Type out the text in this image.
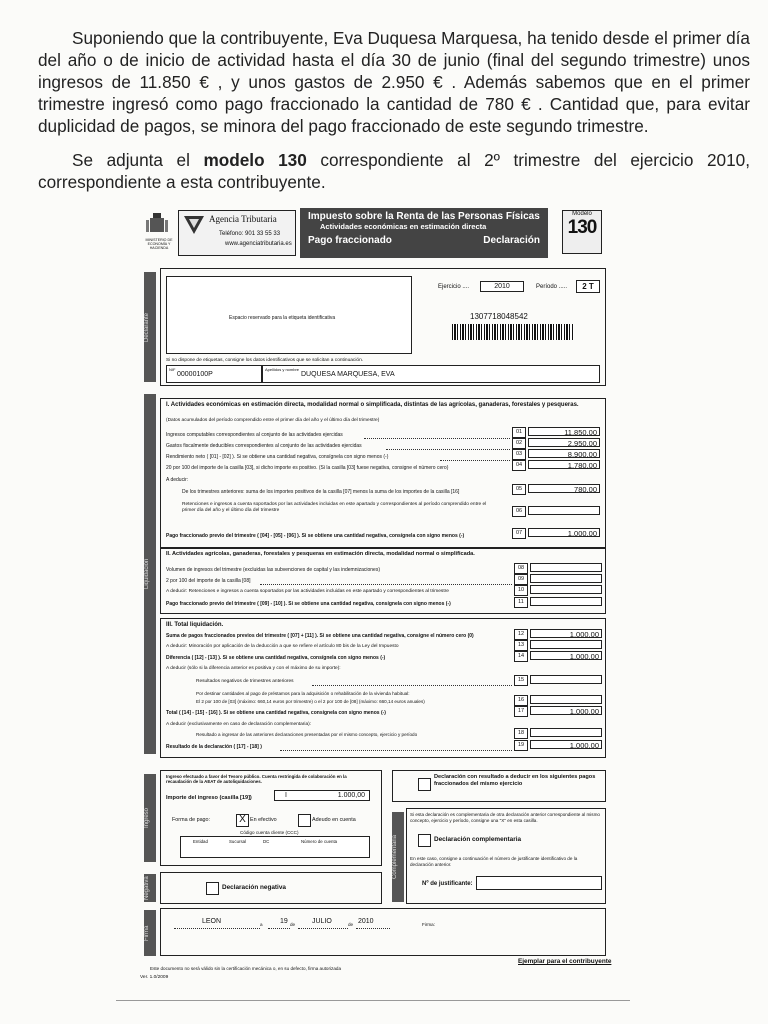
Suponiendo que la contribuyente, Eva Duquesa Marquesa, ha tenido desde el primer día del año o de inicio de actividad hasta el día 30 de junio (final del segundo trimestre) unos ingresos de 11.850 € , y unos gastos de 2.950 € . Además sabemos que en el primer trimestre ingresó como pago fraccionado la cantidad de 780 € . Cantidad que, para evitar duplicidad de pagos, se minora del pago fraccionado de este segundo trimestre.

Se adjunta el modelo 130 correspondiente al 2º trimestre del ejercicio 2010, correspondiente a esta contribuyente.

MINISTERIO DE ECONOMÍA Y HACIENDA
Agencia Tributaria
Teléfono: 901 33 55 33
www.agenciatributaria.es
Impuesto sobre la Renta de las Personas Físicas
Actividades económicas en estimación directa
Pago fraccionado	Declaración
Modelo
130
Declarante	Espacio reservado para la etiqueta identificativa
Ejercicio ....	2010	Período .....	2 T
1307718048542
Si no dispone de etiquetas, consigne los datos identificativos que se solicitan a continuación.
NIF
00000100P
Apellidos y nombre
DUQUESA MARQUESA, EVA
Liquidación
I. Actividades económicas en estimación directa, modalidad normal o simplificada, distintas de las agrícolas, ganaderas, forestales y pesqueras.
(Datos acumulados del período comprendido entre el primer día del año y el último día del trimestre)
Ingresos computables correspondientes al conjunto de las actividades ejercidas	01	11.850,00
Gastos fiscalmente deducibles correspondientes al conjunto de las actividades ejercidas	02	2.950,00
Rendimiento neto ( [01] - [02] ). Si se obtiene una cantidad negativa, consígnela con signo menos (-)	03	8.900,00
20 por 100 del importe de la casilla [03], si dicho importe es positivo. (Si la casilla [03] fuese negativa, consigne el número cero)	04	1.780,00
A deducir:
De los trimestres anteriores: suma de los importes positivos de la casilla [07] menos la suma de los importes de la casilla [16]	05	780,00
Retenciones e ingresos a cuenta soportados por las actividades incluidas en este apartado y correspondientes al período comprendido entre el primer día del año y el último día del trimestre	06
Pago fraccionado previo del trimestre ( [04] - [05] - [06] ). Si se obtiene una cantidad negativa, consígnela con signo menos (-)	07	1.000,00
II. Actividades agrícolas, ganaderas, forestales y pesqueras en estimación directa, modalidad normal o simplificada.
Volumen de ingresos del trimestre (excluidas las subvenciones de capital y las indemnizaciones)	08
2 por 100 del importe de la casilla [08]	09
A deducir: Retenciones e ingresos a cuenta soportados por las actividades incluidas en este apartado y correspondientes al trimestre	10
Pago fraccionado previo del trimestre ( [09] - [10] ). Si se obtiene una cantidad negativa, consígnela con signo menos (-)	11
III. Total liquidación.
Suma de pagos fraccionados previos del trimestre ( [07] + [11] ). Si se obtiene una cantidad negativa, consigne el número cero (0)	12	1.000,00
A deducir: Minoración por aplicación de la deducción a que se refiere el artículo 80 bis de la Ley del Impuesto	13
Diferencia ( [12] - [13] ). Si se obtiene una cantidad negativa, consígnela con signo menos (-)	14	1.000,00
A deducir (sólo si la diferencia anterior es positiva y con el máximo de su importe):
Resultados negativos de trimestres anteriores	15
Por destinar cantidades al pago de préstamos para la adquisición o rehabilitación de la vivienda habitual:
El 2 por 100 de [03] (máximo: 660,14 euros por trimestre) o el 2 por 100 de [08] (máximo: 660,14 euros anuales)	16
Total ( [14] - [15] - [16] ). Si se obtiene una cantidad negativa, consígnela con signo menos (-)	17	1.000,00
A deducir (exclusivamente en caso de declaración complementaria):
Resultado a ingresar de las anteriores declaraciones presentadas por el mismo concepto, ejercicio y período	18
Resultado de la declaración ( [17] - [18] )	19	1.000,00
Ingreso
Ingreso efectuado a favor del Tesoro público. Cuenta restringida de colaboración en la recaudación de la AEAT de autoliquidaciones.
Importe del ingreso (casilla [19])	I	1.000,00
Forma de pago:	X En efectivo	Adeudo en cuenta
Código cuenta cliente (CCC)
Entidad	Sucursal	DC	Número de cuenta
Negativa	Declaración negativa
Declaración con resultado a deducir en los siguientes pagos fraccionados del mismo ejercicio
Complementaria
Si esta declaración es complementaria de otra declaración anterior correspondiente al mismo concepto, ejercicio y período, consigne una "X" en esta casilla.
Declaración complementaria
En este caso, consigne a continuación el número de justificante identificativo de la declaración anterior.
Nº de justificante:
Firma
LEON	a 19 de JULIO	de 2010	Firma:
Este documento no será válido sin la certificación mecánica o, en su defecto, firma autorizada
Ver. 1.0/2009
Ejemplar para el contribuyente
